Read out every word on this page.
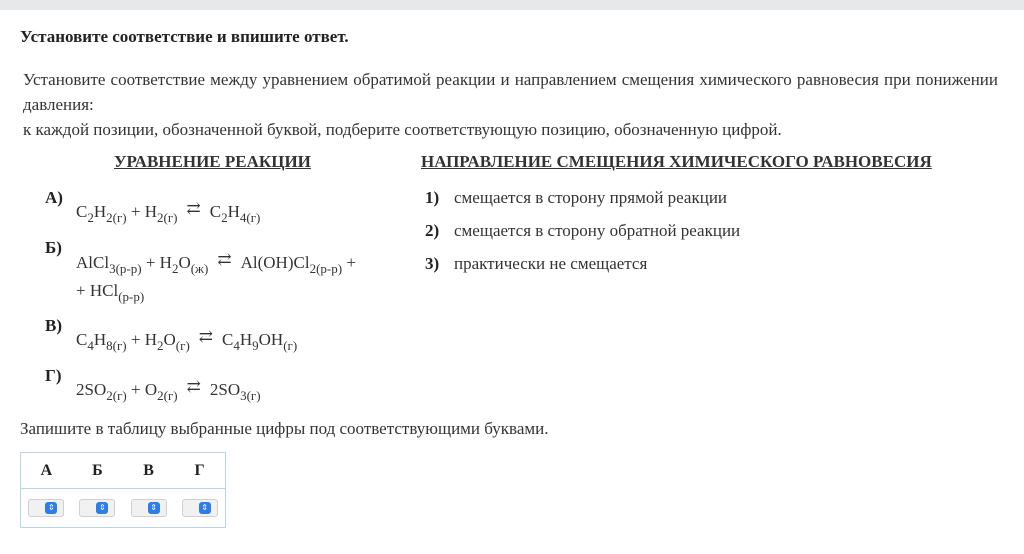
Установите соответствие и впишите ответ.
Установите соответствие между уравнением обратимой реакции и направлением смещения химического равновесия при понижении давления:
к каждой позиции, обозначенной буквой, подберите соответствующую позицию, обозначенную цифрой.
УРАВНЕНИЕ РЕАКЦИИ	НАПРАВЛЕНИЕ СМЕЩЕНИЯ ХИМИЧЕСКОГО РАВНОВЕСИЯ
А)
$C_2H_{2(г)} + H_{2(г)}$ ⇄ $C_2H_{4(г)}$
Б)
AlCl$_{3(р-р)}$ + $H_2O_{(ж)}$ ⇄ $Al(OH)Cl_{2(р-р)}$ +
+ HCl$_{(р-р)}$
В)
$C_4H_{8(г)} + H_2O_{(г)}$ ⇄ $C_4H_9OH_{(г)}$
Г)
$2SO_{2(г)} + O_{2(г)}$ ⇄ $2SO_{3(г)}$
1) смещается в сторону прямой реакции
2) смещается в сторону обратной реакции
3) практически не смещается
Запишите в таблицу выбранные цифры под соответствующими буквами.
А	Б	В	Г

⇕	⇕	⇕	⇕
